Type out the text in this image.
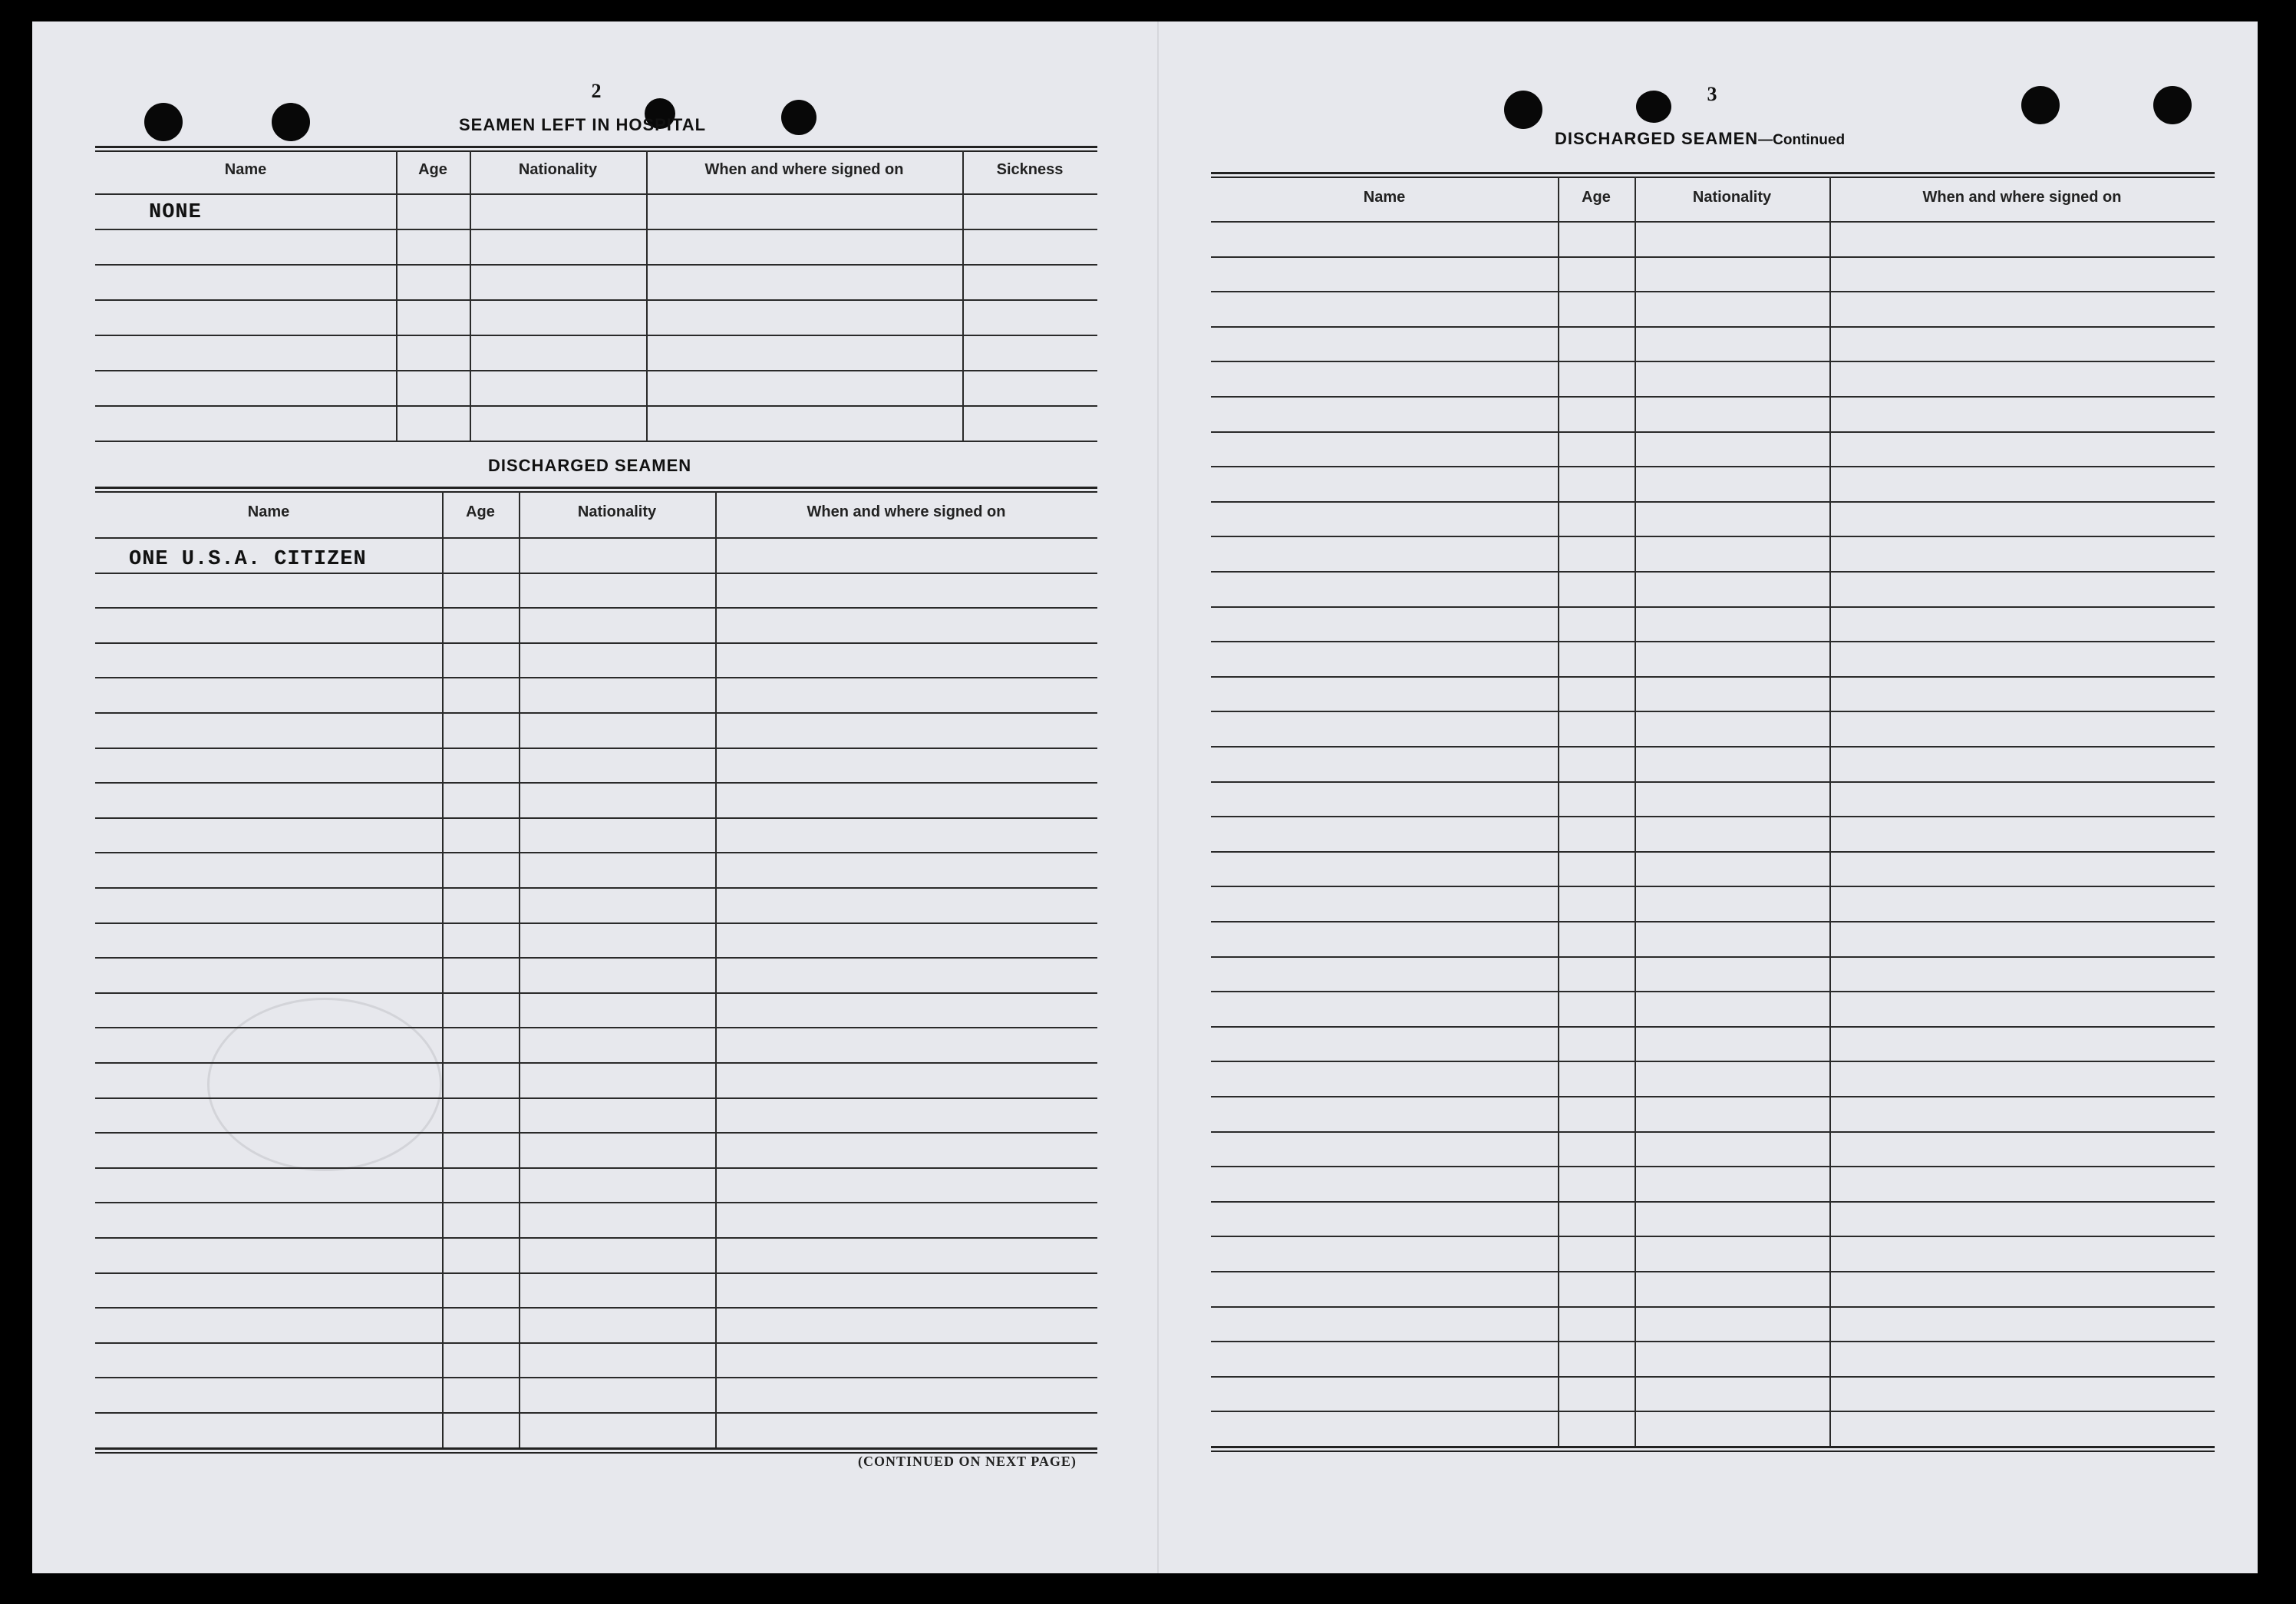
2
SEAMEN LEFT IN HOSPITAL
Name	Age	Nationality	When and where signed on	Sickness
NONE
DISCHARGED SEAMEN
Name	Age	Nationality	When and where signed on
ONE U.S.A. CITIZEN
(CONTINUED ON NEXT PAGE)
3
DISCHARGED SEAMEN—Continued
Name	Age	Nationality	When and where signed on
